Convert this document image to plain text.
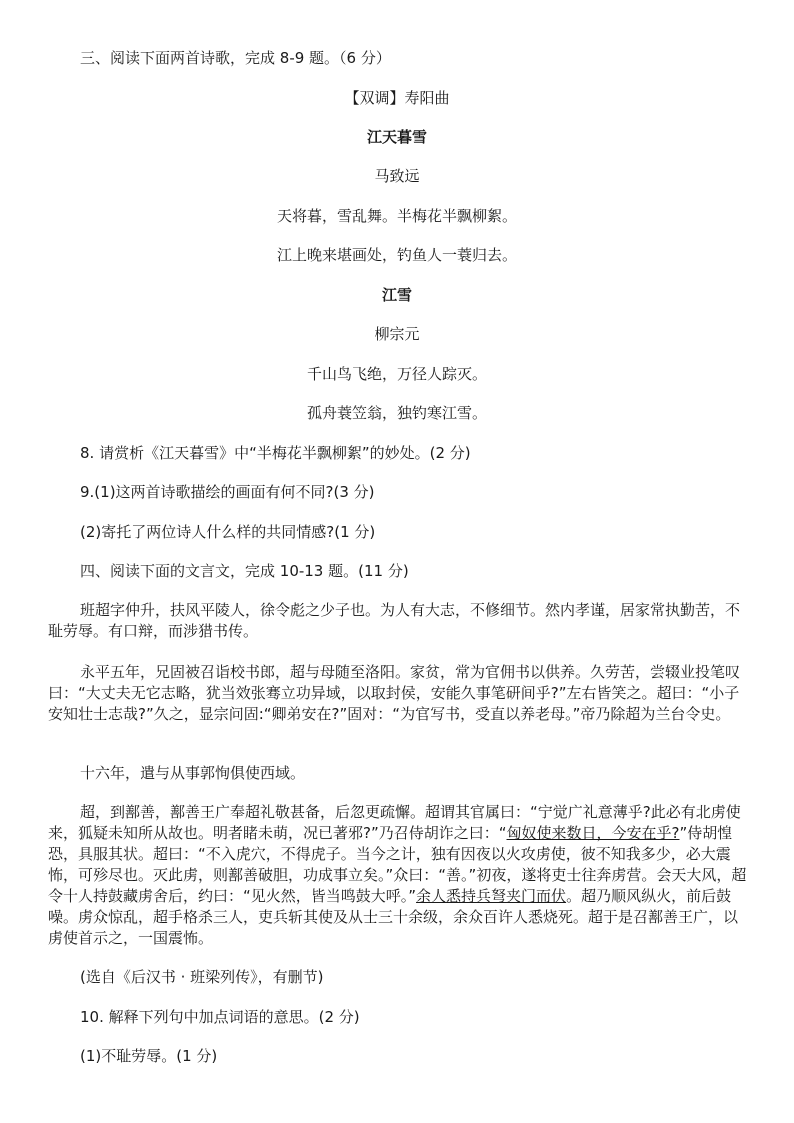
三、阅读下面两首诗歌，完成 8-9 题。（6 分）
【双调】寿阳曲
江天暮雪
马致远
天将暮，雪乱舞。半梅花半飘柳絮。
江上晚来堪画处，钓鱼人一蓑归去。
江雪
柳宗元
千山鸟飞绝，万径人踪灭。
孤舟蓑笠翁，独钓寒江雪。
8. 请赏析《江天暮雪》中“半梅花半飘柳絮”的妙处。(2 分)
9.(1)这两首诗歌描绘的画面有何不同?(3 分)
(2)寄托了两位诗人什么样的共同情感?(1 分)
四、阅读下面的文言文，完成 10-13 题。(11 分)
班超字仲升，扶风平陵人，徐令彪之少子也。为人有大志，不修细节。然内孝谨，居家常执勤苦，不耻劳辱。有口辩，而涉猎书传。
永平五年，兄固被召诣校书郎，超与母随至洛阳。家贫，常为官佣书以供养。久劳苦，尝辍业投笔叹曰：“大丈夫无它志略，犹当效张骞立功异域，以取封侯，安能久事笔研间乎?”左右皆笑之。超曰：“小子安知壮士志哉?”久之，显宗问固:“卿弟安在?”固对：“为官写书，受直以养老母。”帝乃除超为兰台令史。
十六年，遣与从事郭恂俱使西域。
超，到鄯善，鄯善王广奉超礼敬甚备，后忽更疏懈。超谓其官属曰：“宁觉广礼意薄乎?此必有北虏使来，狐疑未知所从故也。明者睹未萌，况已著邪?”乃召侍胡诈之曰：“匈奴使来数日，今安在乎?”侍胡惶恐，具服其状。超曰：“不入虎穴，不得虎子。当今之计，独有因夜以火攻虏使，彼不知我多少，必大震怖，可殄尽也。灭此虏，则鄯善破胆，功成事立矣。”众曰：“善。”初夜，遂将吏士往奔虏营。会天大风，超令十人持鼓藏虏舍后，约曰：“见火然，皆当鸣鼓大呼。”余人悉持兵弩夹门而伏。超乃顺风纵火，前后鼓噪。虏众惊乱，超手格杀三人，吏兵斩其使及从士三十余级，余众百许人悉烧死。超于是召鄯善王广，以虏使首示之，一国震怖。
(选自《后汉书 · 班梁列传》，有删节)
10. 解释下列句中加点词语的意思。(2 分)
(1)不耻劳辱。(1 分)
